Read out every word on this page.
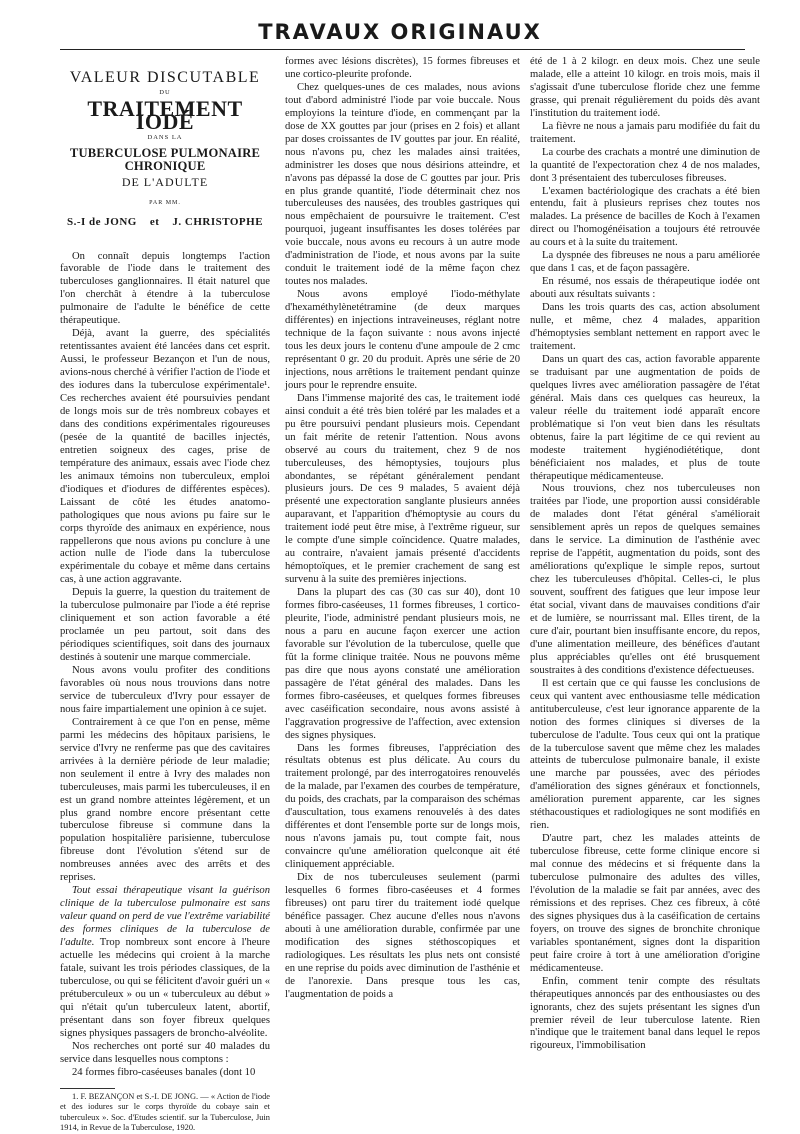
TRAVAUX ORIGINAUX
VALEUR DISCUTABLE
DU
TRAITEMENT IODÉ
DANS LA
TUBERCULOSE PULMONAIRE CHRONIQUE
DE L'ADULTE
PAR MM.
S.-I de JONG    et    J. CHRISTOPHE

On connaît depuis longtemps l'action favorable de l'iode dans le traitement des tuberculoses ganglionnaires. Il était naturel que l'on cherchât à étendre à la tuberculose pulmonaire de l'adulte le bénéfice de cette thérapeutique.

Déjà, avant la guerre, des spécialités retentissantes avaient été lancées dans cet esprit. Aussi, le professeur Bezançon et l'un de nous, avions-nous cherché à vérifier l'action de l'iode et des iodures dans la tuberculose expérimentale¹. Ces recherches avaient été poursuivies pendant de longs mois sur de très nombreux cobayes et dans des conditions expérimentales rigoureuses (pesée de la quantité de bacilles injectés, entretien soigneux des cages, prise de température des animaux, essais avec l'iode chez les animaux témoins non tuberculeux, emploi d'iodiques et d'iodures de différentes espèces). Laissant de côté les études anatomo-pathologiques que nous avions pu faire sur le corps thyroïde des animaux en expérience, nous rappellerons que nous avions pu conclure à une action nulle de l'iode dans la tuberculose expérimentale du cobaye et même dans certains cas, à une action aggravante.

Depuis la guerre, la question du traitement de la tuberculose pulmonaire par l'iode a été reprise cliniquement et son action favorable a été proclamée un peu partout, soit dans des périodiques scientifiques, soit dans des journaux destinés à soutenir une marque commerciale.

Nous avons voulu profiter des conditions favorables où nous nous trouvions dans notre service de tuberculeux d'Ivry pour essayer de nous faire impartialement une opinion à ce sujet.

Contrairement à ce que l'on en pense, même parmi les médecins des hôpitaux parisiens, le service d'Ivry ne renferme pas que des cavitaires arrivées à la dernière période de leur maladie; non seulement il entre à Ivry des malades non tuberculeuses, mais parmi les tuberculeuses, il en est un grand nombre atteintes légèrement, et un plus grand nombre encore présentant cette tuberculose fibreuse si commune dans la population hospitalière parisienne, tuberculose fibreuse dont l'évolution s'étend sur de nombreuses années avec des arrêts et des reprises.

Tout essai thérapeutique visant la guérison clinique de la tuberculose pulmonaire est sans valeur quand on perd de vue l'extrême variabilité des formes cliniques de la tuberculose de l'adulte. Trop nombreux sont encore à l'heure actuelle les médecins qui croient à la marche fatale, suivant les trois périodes classiques, de la tuberculose, ou qui se félicitent d'avoir guéri un « prétuberculeux » ou un « tuberculeux au début » qui n'était qu'un tuberculeux latent, abortif, présentant dans son foyer fibreux quelques signes physiques passagers de broncho-alvéolite.

Nos recherches ont porté sur 40 malades du service dans lesquelles nous comptons :

24 formes fibro-caséeuses banales (dont 10

1. F. BEZANÇON et S.-I. DE JONG. — « Action de l'iode et des iodures sur le corps thyroïde du cobaye sain et tuberculeux ». Soc. d'Etudes scientif. sur la Tuberculose, Juin 1914, in Revue de la Tuberculose, 1920.

formes avec lésions discrètes), 15 formes fibreuses et une cortico-pleurite profonde.

Chez quelques-unes de ces malades, nous avions tout d'abord administré l'iode par voie buccale. Nous employions la teinture d'iode, en commençant par la dose de XX gouttes par jour (prises en 2 fois) et allant par doses croissantes de IV gouttes par jour. En réalité, nous n'avons pu, chez les malades ainsi traitées, administrer les doses que nous désirions atteindre, et n'avons pas dépassé la dose de C gouttes par jour. Pris en plus grande quantité, l'iode déterminait chez nos tuberculeuses des nausées, des troubles gastriques qui nous empêchaient de poursuivre le traitement. C'est pourquoi, jugeant insuffisantes les doses tolérées par voie buccale, nous avons eu recours à un autre mode d'administration de l'iode, et nous avons par la suite conduit le traitement iodé de la même façon chez toutes nos malades.

Nous avons employé l'iodo-méthylate d'hexaméthylènetétramine (de deux marques différentes) en injections intraveineuses, réglant notre technique de la façon suivante : nous avons injecté tous les deux jours le contenu d'une ampoule de 2 cmc représentant 0 gr. 20 du produit. Après une série de 20 injections, nous arrêtions le traitement pendant quinze jours pour le reprendre ensuite.

Dans l'immense majorité des cas, le traitement iodé ainsi conduit a été très bien toléré par les malades et a pu être poursuivi pendant plusieurs mois. Cependant un fait mérite de retenir l'attention. Nous avons observé au cours du traitement, chez 9 de nos tuberculeuses, des hémoptysies, toujours plus abondantes, se répétant généralement pendant plusieurs jours. De ces 9 malades, 5 avaient déjà présenté une expectoration sanglante plusieurs années auparavant, et l'apparition d'hémoptysie au cours du traitement iodé peut être mise, à l'extrême rigueur, sur le compte d'une simple coïncidence. Quatre malades, au contraire, n'avaient jamais présenté d'accidents hémoptoïques, et le premier crachement de sang est survenu à la suite des premières injections.

Dans la plupart des cas (30 cas sur 40), dont 10 formes fibro-caséeuses, 11 formes fibreuses, 1 cortico-pleurite, l'iode, administré pendant plusieurs mois, ne nous a paru en aucune façon exercer une action favorable sur l'évolution de la tuberculose, quelle que fût la forme clinique traitée. Nous ne pouvons même pas dire que nous ayons constaté une amélioration passagère de l'état général des malades. Dans les formes fibro-caséeuses, et quelques formes fibreuses avec caséification secondaire, nous avons assisté à l'aggravation progressive de l'affection, avec extension des signes physiques.

Dans les formes fibreuses, l'appréciation des résultats obtenus est plus délicate. Au cours du traitement prolongé, par des interrogatoires renouvelés de la malade, par l'examen des courbes de température, du poids, des crachats, par la comparaison des schémas d'auscultation, tous examens renouvelés à des dates différentes et dont l'ensemble porte sur de longs mois, nous n'avons jamais pu, tout compte fait, nous convaincre qu'une amélioration quelconque ait été cliniquement appréciable.

Dix de nos tuberculeuses seulement (parmi lesquelles 6 formes fibro-caséeuses et 4 formes fibreuses) ont paru tirer du traitement iodé quelque bénéfice passager. Chez aucune d'elles nous n'avons abouti à une amélioration durable, confirmée par une modification des signes stéthoscopiques et radiologiques. Les résultats les plus nets ont consisté en une reprise du poids avec diminution de l'asthénie et de l'anorexie. Dans presque tous les cas, l'augmentation de poids a

été de 1 à 2 kilogr. en deux mois. Chez une seule malade, elle a atteint 10 kilogr. en trois mois, mais il s'agissait d'une tuberculose floride chez une femme grasse, qui prenait régulièrement du poids dès avant l'institution du traitement iodé.

La fièvre ne nous a jamais paru modifiée du fait du traitement.

La courbe des crachats a montré une diminution de la quantité de l'expectoration chez 4 de nos malades, dont 3 présentaient des tuberculoses fibreuses.

L'examen bactériologique des crachats a été bien entendu, fait à plusieurs reprises chez toutes nos malades. La présence de bacilles de Koch à l'examen direct ou l'homogénéisation a toujours été retrouvée au cours et à la suite du traitement.

La dyspnée des fibreuses ne nous a paru améliorée que dans 1 cas, et de façon passagère.

En résumé, nos essais de thérapeutique iodée ont abouti aux résultats suivants :

Dans les trois quarts des cas, action absolument nulle, et même, chez 4 malades, apparition d'hémoptysies semblant nettement en rapport avec le traitement.

Dans un quart des cas, action favorable apparente se traduisant par une augmentation de poids de quelques livres avec amélioration passagère de l'état général. Mais dans ces quelques cas heureux, la valeur réelle du traitement iodé apparaît encore problématique si l'on veut bien dans les résultats obtenus, faire la part légitime de ce qui revient au modeste traitement hygiénodiététique, dont bénéficiaient nos malades, et plus de toute thérapeutique médicamenteuse.

Nous trouvions, chez nos tuberculeuses non traitées par l'iode, une proportion aussi considérable de malades dont l'état général s'améliorait sensiblement après un repos de quelques semaines dans le service. La diminution de l'asthénie avec reprise de l'appétit, augmentation du poids, sont des améliorations qu'explique le simple repos, surtout chez les tuberculeuses d'hôpital. Celles-ci, le plus souvent, souffrent des fatigues que leur impose leur état social, vivant dans de mauvaises conditions d'air et de lumière, se nourrissant mal. Elles tirent, de la cure d'air, pourtant bien insuffisante encore, du repos, d'une alimentation meilleure, des bénéfices d'autant plus appréciables qu'elles ont été brusquement soustraites à des conditions d'existence défectueuses.

Il est certain que ce qui fausse les conclusions de ceux qui vantent avec enthousiasme telle médication antituberculeuse, c'est leur ignorance apparente de la notion des formes cliniques si diverses de la tuberculose de l'adulte. Tous ceux qui ont la pratique de la tuberculose savent que même chez les malades atteints de tuberculose pulmonaire banale, il existe une marche par poussées, avec des périodes d'amélioration des signes généraux et fonctionnels, amélioration purement apparente, car les signes stéthacoustiques et radiologiques ne sont modifiés en rien.

D'autre part, chez les malades atteints de tuberculose fibreuse, cette forme clinique encore si mal connue des médecins et si fréquente dans la tuberculose pulmonaire des adultes des villes, l'évolution de la maladie se fait par années, avec des rémissions et des reprises. Chez ces fibreux, à côté des signes physiques dus à la caséification de certains foyers, on trouve des signes de bronchite chronique variables spontanément, signes dont la disparition peut faire croire à tort à une amélioration d'origine médicamenteuse.

Enfin, comment tenir compte des résultats thérapeutiques annoncés par des enthousiastes ou des ignorants, chez des sujets présentant les signes d'un premier réveil de leur tuberculose latente. Rien n'indique que le traitement banal dans lequel le repos rigoureux, l'immobilisation
